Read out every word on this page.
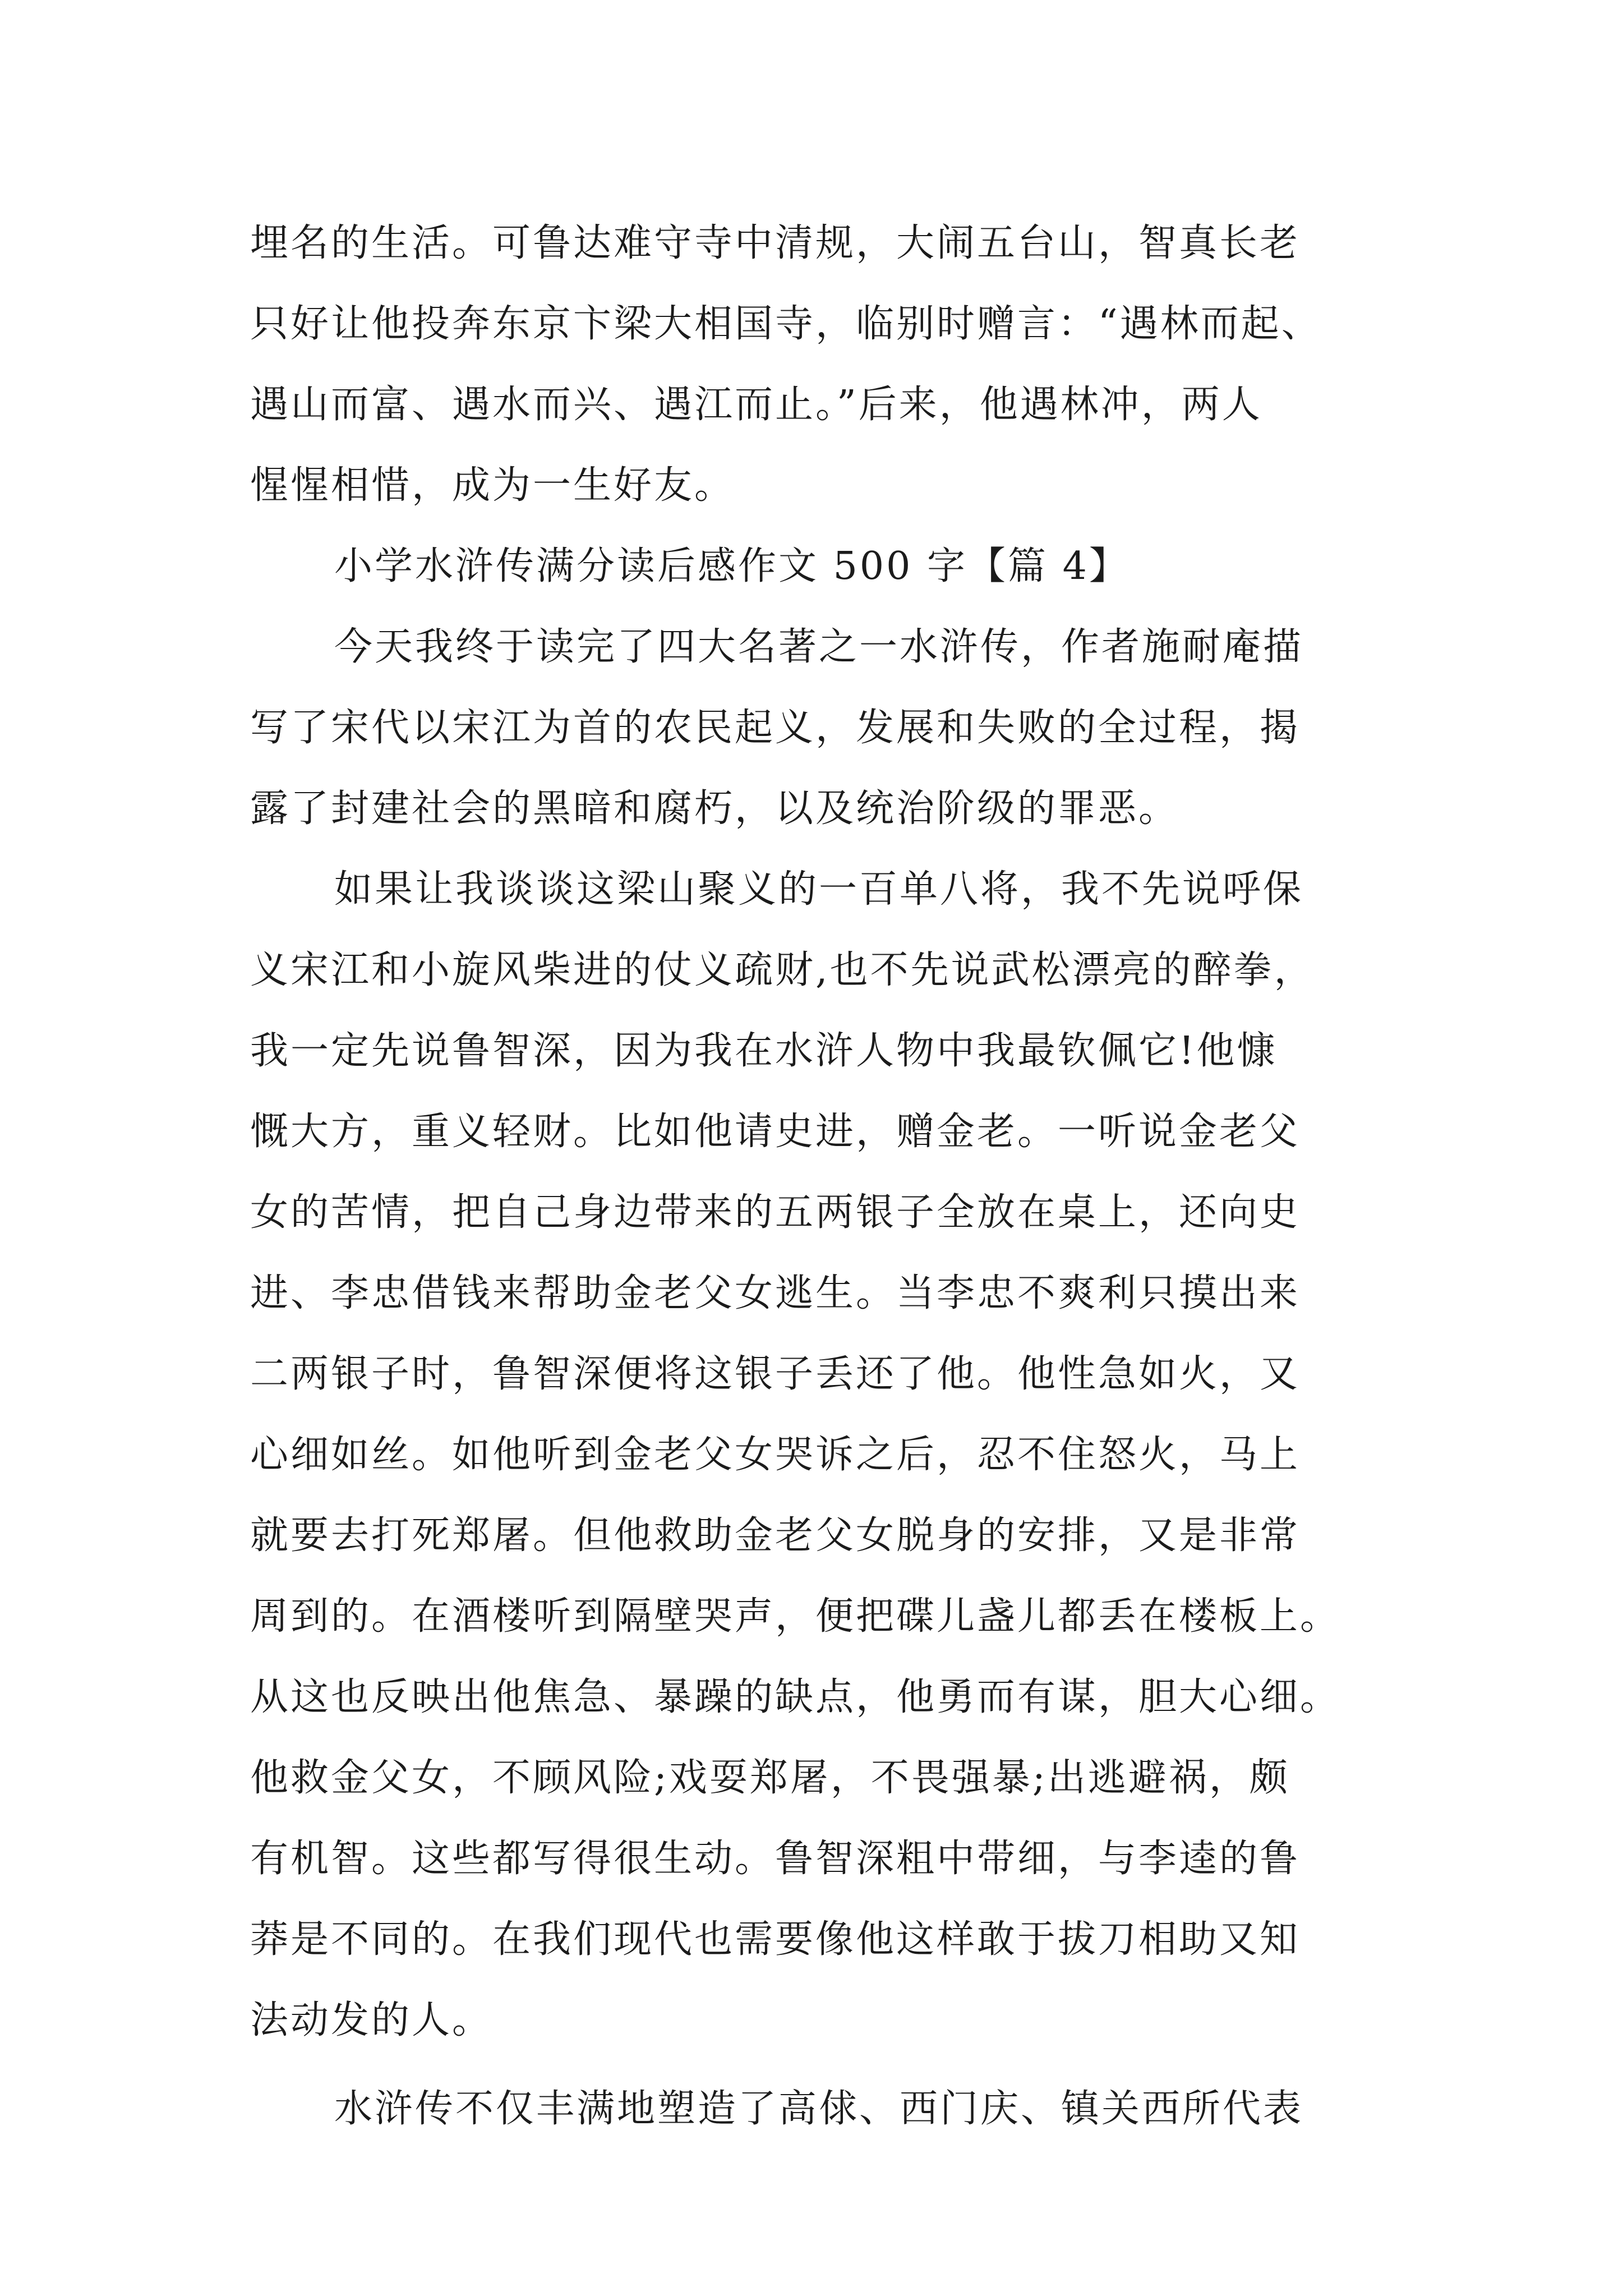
埋名的生活。可鲁达难守寺中清规，大闹五台山，智真长老

只好让他投奔东京卞梁大相国寺，临别时赠言：“遇林而起、

遇山而富、遇水而兴、遇江而止。”后来，他遇林冲，两人

惺惺相惜，成为一生好友。

小学水浒传满分读后感作文 500 字【篇 4】

今天我终于读完了四大名著之一水浒传，作者施耐庵描

写了宋代以宋江为首的农民起义，发展和失败的全过程，揭

露了封建社会的黑暗和腐朽，以及统治阶级的罪恶。

如果让我谈谈这梁山聚义的一百单八将，我不先说呼保

义宋江和小旋风柴进的仗义疏财,也不先说武松漂亮的醉拳，

我一定先说鲁智深，因为我在水浒人物中我最钦佩它!他慷

慨大方，重义轻财。比如他请史进，赠金老。一听说金老父

女的苦情，把自己身边带来的五两银子全放在桌上，还向史

进、李忠借钱来帮助金老父女逃生。当李忠不爽利只摸出来

二两银子时，鲁智深便将这银子丢还了他。他性急如火，又

心细如丝。如他听到金老父女哭诉之后，忍不住怒火，马上

就要去打死郑屠。但他救助金老父女脱身的安排，又是非常

周到的。在酒楼听到隔壁哭声，便把碟儿盏儿都丢在楼板上。

从这也反映出他焦急、暴躁的缺点，他勇而有谋，胆大心细。

他救金父女，不顾风险;戏耍郑屠，不畏强暴;出逃避祸，颇

有机智。这些都写得很生动。鲁智深粗中带细，与李逵的鲁

莽是不同的。在我们现代也需要像他这样敢于拔刀相助又知

法动发的人。

水浒传不仅丰满地塑造了高俅、西门庆、镇关西所代表
